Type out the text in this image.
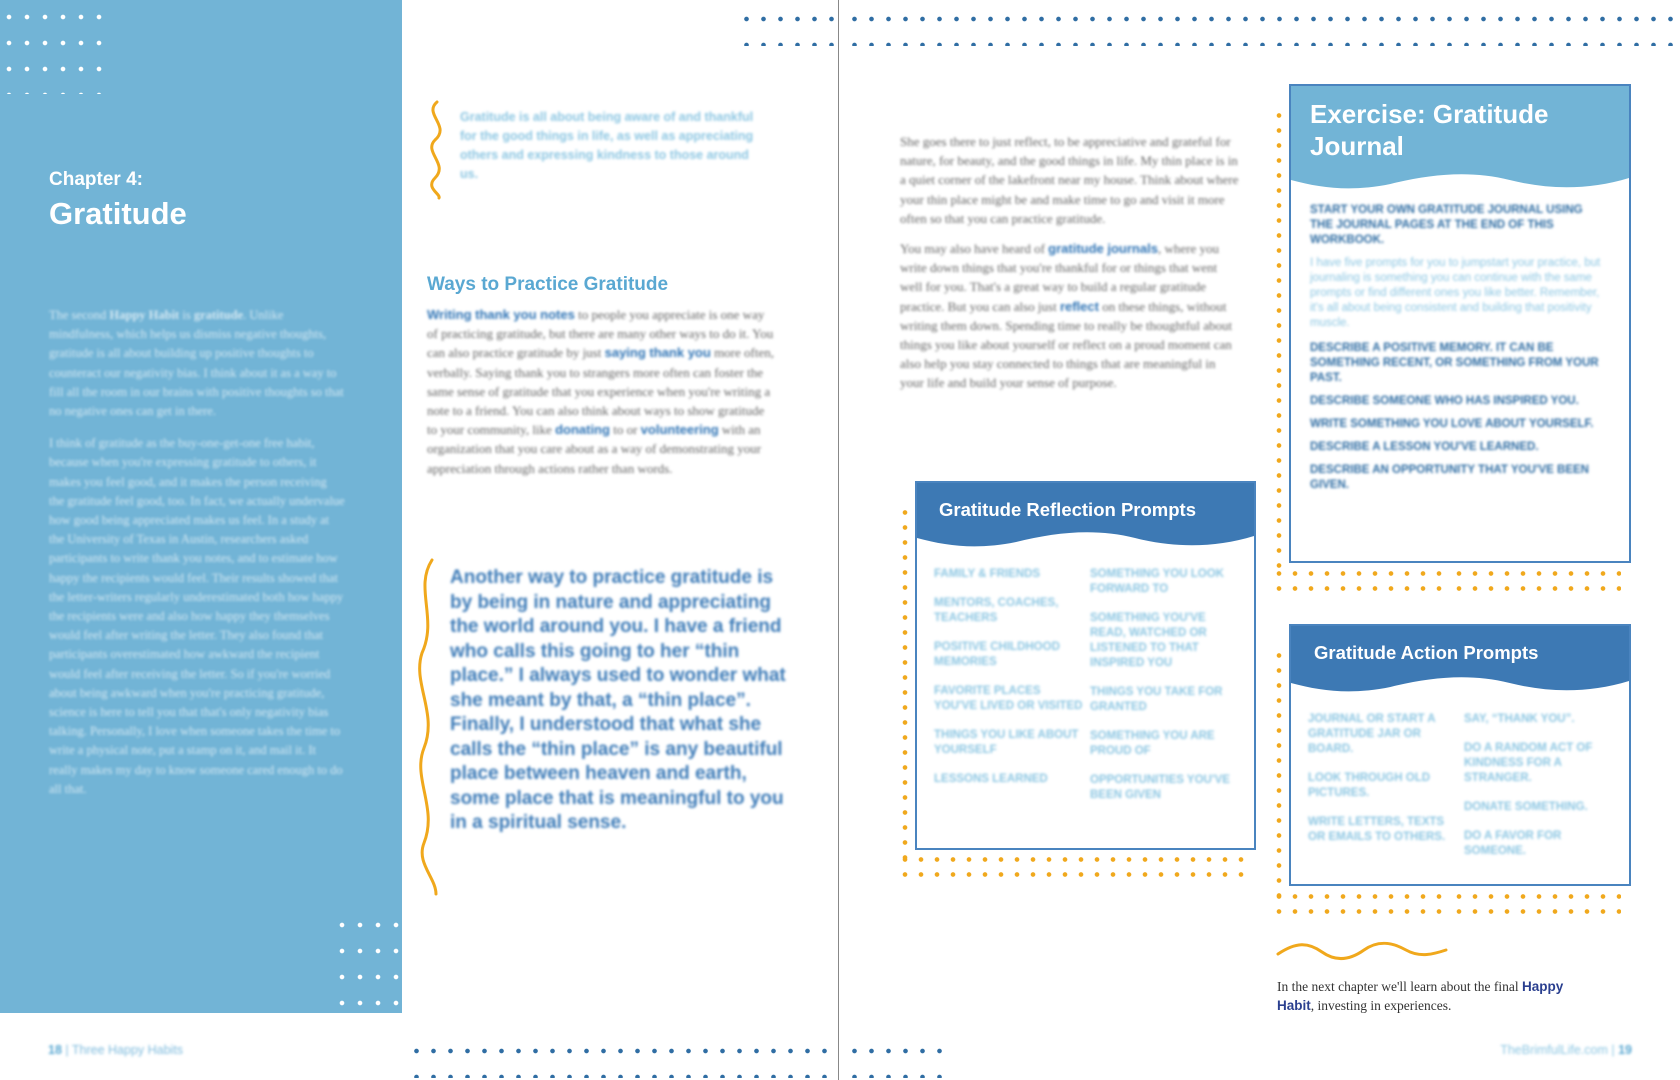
Chapter 4:
Gratitude

The second Happy Habit is gratitude. Unlike mindfulness, which helps us dismiss negative thoughts, gratitude is all about building up positive thoughts to counteract our negativity bias. I think about it as a way to fill all the room in our brains with positive thoughts so that no negative ones can get in there.

I think of gratitude as the buy-one-get-one free habit, because when you're expressing gratitude to others, it makes you feel good, and it makes the person receiving the gratitude feel good, too. In fact, we actually undervalue how good being appreciated makes us feel. In a study at the University of Texas in Austin, researchers asked participants to write thank you notes, and to estimate how happy the recipients would feel. Their results showed that the letter-writers regularly underestimated both how happy the recipients were and also how happy they themselves would feel after writing the letter. They also found that participants overestimated how awkward the recipient would feel after receiving the letter. So if you're worried about being awkward when you're practicing gratitude, science is here to tell you that that's only negativity bias talking. Personally, I love when someone takes the time to write a physical note, put a stamp on it, and mail it. It really makes my day to know someone cared enough to do all that.

Gratitude is all about being aware of and thankful for the good things in life, as well as appreciating others and expressing kindness to those around us.
Ways to Practice Gratitude
Writing thank you notes to people you appreciate is one way of practicing gratitude, but there are many other ways to do it. You can also practice gratitude by just saying thank you more often, verbally. Saying thank you to strangers more often can foster the same sense of gratitude that you experience when you're writing a note to a friend. You can also think about ways to show gratitude to your community, like donating to or volunteering with an organization that you care about as a way of demonstrating your appreciation through actions rather than words.
Another way to practice gratitude is by being in nature and appreciating the world around you. I have a friend who calls this going to her “thin place.” I always used to wonder what she meant by that, a “thin place”. Finally, I understood that what she calls the “thin place” is any beautiful place between heaven and earth, some place that is meaningful to you in a spiritual sense.
18 | Three Happy Habits

She goes there to just reflect, to be appreciative and grateful for nature, for beauty, and the good things in life. My thin place is in a quiet corner of the lakefront near my house. Think about where your thin place might be and make time to go and visit it more often so that you can practice gratitude.

You may also have heard of gratitude journals, where you write down things that you're thankful for or things that went well for you. That's a great way to build a regular gratitude practice. But you can also just reflect on these things, without writing them down. Spending time to really be thoughtful about things you like about yourself or reflect on a proud moment can also help you stay connected to things that are meaningful in your life and build your sense of purpose.

Gratitude Reflection Prompts
FAMILY & FRIENDS
MENTORS, COACHES, TEACHERS
POSITIVE CHILDHOOD MEMORIES
FAVORITE PLACES YOU'VE LIVED OR VISITED
THINGS YOU LIKE ABOUT YOURSELF
LESSONS LEARNED
SOMETHING YOU LOOK FORWARD TO
SOMETHING YOU'VE READ, WATCHED OR LISTENED TO THAT INSPIRED YOU
THINGS YOU TAKE FOR GRANTED
SOMETHING YOU ARE PROUD OF
OPPORTUNITIES YOU'VE BEEN GIVEN
Exercise: Gratitude Journal
START YOUR OWN GRATITUDE JOURNAL USING THE JOURNAL PAGES AT THE END OF THIS WORKBOOK.
I have five prompts for you to jumpstart your practice, but journaling is something you can continue with the same prompts or find different ones you like better. Remember, it's all about being consistent and building that positivity muscle.
DESCRIBE A POSITIVE MEMORY. IT CAN BE SOMETHING RECENT, OR SOMETHING FROM YOUR PAST.
DESCRIBE SOMEONE WHO HAS INSPIRED YOU.
WRITE SOMETHING YOU LOVE ABOUT YOURSELF.
DESCRIBE A LESSON YOU'VE LEARNED.
DESCRIBE AN OPPORTUNITY THAT YOU'VE BEEN GIVEN.
Gratitude Action Prompts
JOURNAL OR START A GRATITUDE JAR OR BOARD.
LOOK THROUGH OLD PICTURES.
WRITE LETTERS, TEXTS OR EMAILS TO OTHERS.
SAY, “THANK YOU”.
DO A RANDOM ACT OF KINDNESS FOR A STRANGER.
DONATE SOMETHING.
DO A FAVOR FOR SOMEONE.
In the next chapter we'll learn about the final Happy Habit, investing in experiences.
TheBrimfulLife.com | 19
